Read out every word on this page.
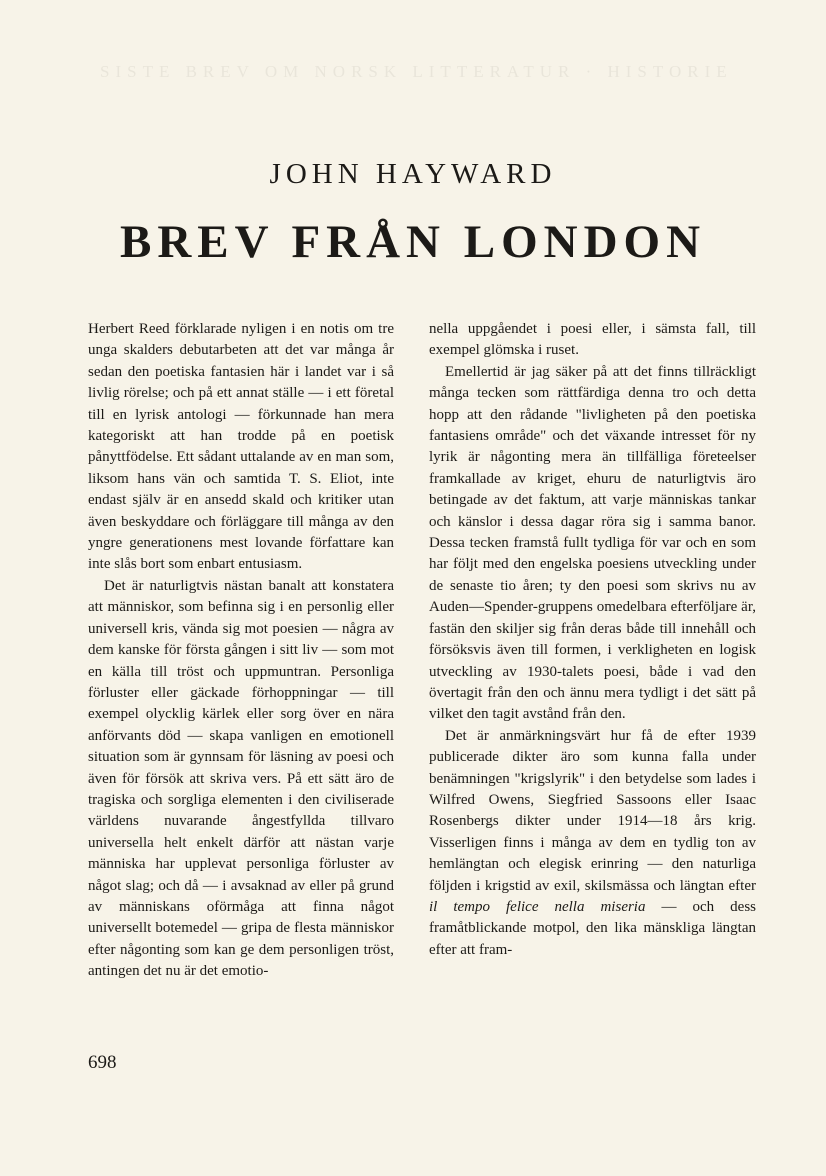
SISTE BREV OM NORSK LITTERATUR · HISTORIE
JOHN HAYWARD
BREV FRÅN LONDON

Herbert Reed förklarade nyligen i en notis om tre unga skalders debutarbeten att det var många år sedan den poetiska fantasien här i landet var i så livlig rörelse; och på ett annat ställe — i ett företal till en lyrisk antologi — förkunnade han mera kategoriskt att han trodde på en poetisk pånyttfödelse. Ett sådant uttalande av en man som, liksom hans vän och samtida T. S. Eliot, inte endast själv är en ansedd skald och kritiker utan även beskyddare och förläggare till många av den yngre generationens mest lovande författare kan inte slås bort som enbart entusiasm.

Det är naturligtvis nästan banalt att konstatera att människor, som befinna sig i en personlig eller universell kris, vända sig mot poesien — några av dem kanske för första gången i sitt liv — som mot en källa till tröst och uppmuntran. Personliga förluster eller gäckade förhoppningar — till exempel olycklig kärlek eller sorg över en nära anförvants död — skapa vanligen en emotionell situation som är gynnsam för läsning av poesi och även för försök att skriva vers. På ett sätt äro de tragiska och sorgliga elementen i den civiliserade världens nuvarande ångestfyllda tillvaro universella helt enkelt därför att nästan varje människa har upplevat personliga förluster av något slag; och då — i avsaknad av eller på grund av människans oförmåga att finna något universellt botemedel — gripa de flesta människor efter någonting som kan ge dem personligen tröst, antingen det nu är det emotio-

nella uppgåendet i poesi eller, i sämsta fall, till exempel glömska i ruset.

Emellertid är jag säker på att det finns tillräckligt många tecken som rättfärdiga denna tro och detta hopp att den rådande "livligheten på den poetiska fantasiens område" och det växande intresset för ny lyrik är någonting mera än tillfälliga företeelser framkallade av kriget, ehuru de naturligtvis äro betingade av det faktum, att varje människas tankar och känslor i dessa dagar röra sig i samma banor. Dessa tecken framstå fullt tydliga för var och en som har följt med den engelska poesiens utveckling under de senaste tio åren; ty den poesi som skrivs nu av Auden—Spender-gruppens omedelbara efterföljare är, fastän den skiljer sig från deras både till innehåll och försöksvis även till formen, i verkligheten en logisk utveckling av 1930-talets poesi, både i vad den övertagit från den och ännu mera tydligt i det sätt på vilket den tagit avstånd från den.

Det är anmärkningsvärt hur få de efter 1939 publicerade dikter äro som kunna falla under benämningen "krigslyrik" i den betydelse som lades i Wilfred Owens, Siegfried Sassoons eller Isaac Rosenbergs dikter under 1914—18 års krig. Visserligen finns i många av dem en tydlig ton av hemlängtan och elegisk erinring — den naturliga följden i krigstid av exil, skilsmässa och längtan efter il tempo felice nella miseria — och dess framåtblickande motpol, den lika mänskliga längtan efter att fram-

698
